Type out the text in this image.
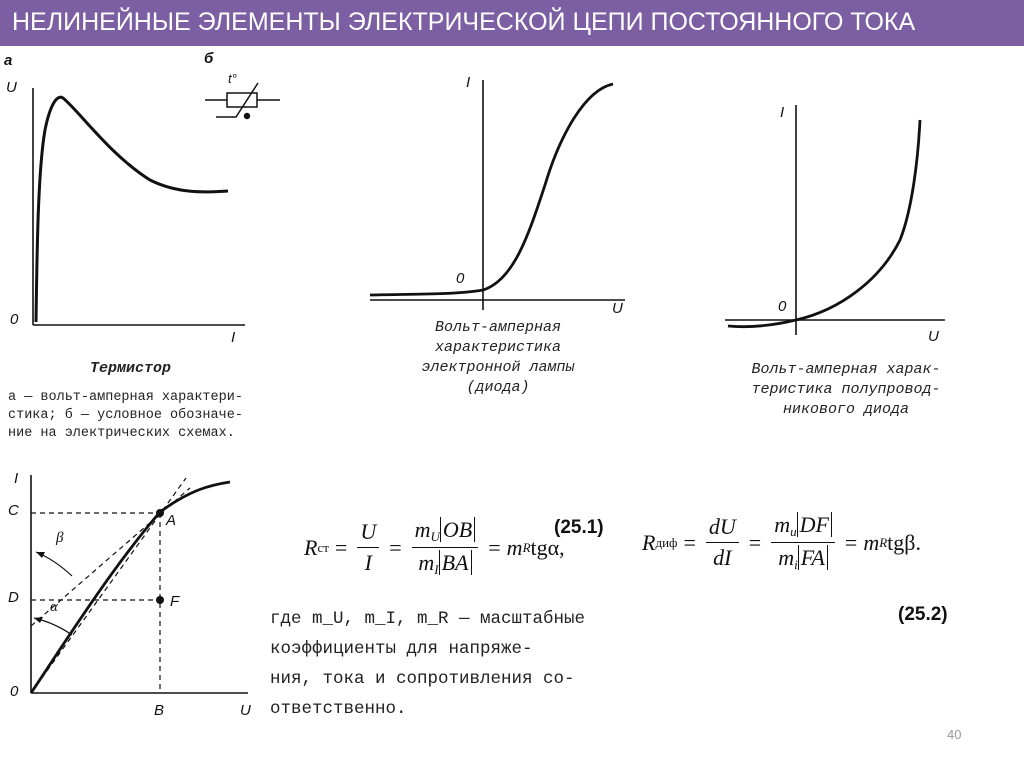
НЕЛИНЕЙНЫЕ ЭЛЕМЕНТЫ ЭЛЕКТРИЧЕСКОЙ ЦЕПИ ПОСТОЯННОГО ТОКА
а	б
U
0
I
t°
Термистор
а — вольт-амперная характери-
стика; б — условное обозначе-
ние на электрических схемах.
I
0
U
Вольт-амперная
характеристика
электронной лампы
(диода)
I
0
U
Вольт-амперная харак-
теристика полупровод-
никового диода
I
C
D
0
A
F
B	U
β
α
(25.1)
R ст = $\frac{U}{I} = \frac{m_U OB}{m_I BA} = m$ R tgα,	R диф = $\frac{dU}{dI} = \frac{m_u DF}{m_i FA} = m$ R tgβ.
(25.2)
где m_U, m_I, m_R — масштабные
коэффициенты для напряже-
ния, тока и сопротивления со-
ответственно.
40
